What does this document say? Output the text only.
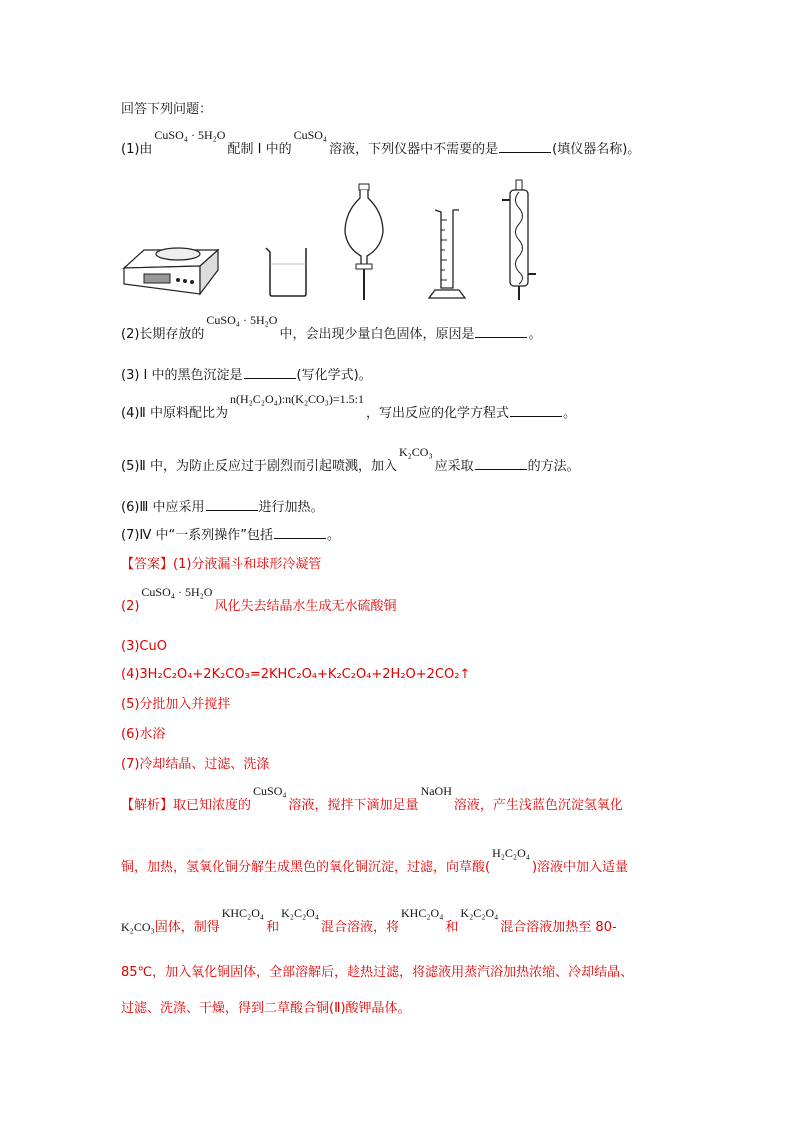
回答下列问题：
(1)由CuSO₄ · 5H₂O配制 I 中的CuSO₄溶液，下列仪器中不需要的是	(填仪器名称)。
(2)长期存放的CuSO₄ · 5H₂O中，会出现少量白色固体，原因是	。
(3) Ⅰ 中的黑色沉淀是	(写化学式)。
(4)Ⅱ 中原料配比为n(H₂C₂O₄):n(K₂CO₃)=1.5:1，写出反应的化学方程式	。
(5)Ⅱ 中，为防止反应过于剧烈而引起喷溅，加入K₂CO₃应采取	的方法。
(6)Ⅲ 中应采用	进行加热。
(7)Ⅳ 中“一系列操作”包括	。
【答案】(1)分液漏斗和球形冷凝管
(2)CuSO₄ · 5H₂O风化失去结晶水生成无水硫酸铜
(3)CuO
(4)3H₂C₂O₄+2K₂CO₃=2KHC₂O₄+K₂C₂O₄+2H₂O+2CO₂↑
(5)分批加入并搅拌
(6)水浴
(7)冷却结晶、过滤、洗涤
【解析】取已知浓度的CuSO₄溶液，搅拌下滴加足量NaOH溶液，产生浅蓝色沉淀氢氧化
铜，加热，氢氧化铜分解生成黑色的氧化铜沉淀，过滤，向草酸(H₂C₂O₄)溶液中加入适量
K₂CO₃固体，制得KHC₂O₄和K₂C₂O₄混合溶液，将KHC₂O₄和K₂C₂O₄混合溶液加热至 80-
85℃，加入氧化铜固体，全部溶解后，趁热过滤，将滤液用蒸汽浴加热浓缩、冷却结晶、
过滤、洗涤、干燥，得到二草酸合铜(Ⅱ)酸钾晶体。
